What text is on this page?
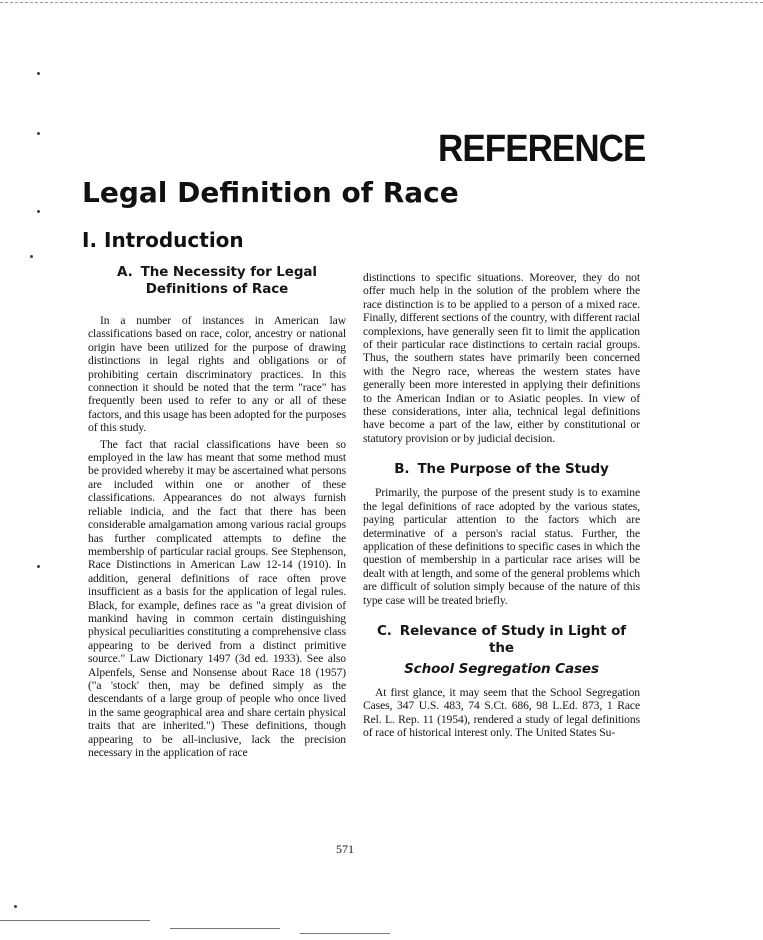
REFERENCE
Legal Definition of Race
I. Introduction
A. The Necessity for Legal Definitions of Race

In a number of instances in American law classifications based on race, color, ancestry or national origin have been utilized for the purpose of drawing distinctions in legal rights and obligations or of prohibiting certain discriminatory practices. In this connection it should be noted that the term "race" has frequently been used to refer to any or all of these factors, and this usage has been adopted for the purposes of this study.

The fact that racial classifications have been so employed in the law has meant that some method must be provided whereby it may be ascertained what persons are included within one or another of these classifications. Appearances do not always furnish reliable indicia, and the fact that there has been considerable amalgamation among various racial groups has further complicated attempts to define the membership of particular racial groups. See Stephenson, Race Distinctions in American Law 12-14 (1910). In addition, general definitions of race often prove insufficient as a basis for the application of legal rules. Black, for example, defines race as "a great division of mankind having in common certain distinguishing physical peculiarities constituting a comprehensive class appearing to be derived from a distinct primitive source." Law Dictionary 1497 (3d ed. 1933). See also Alpenfels, Sense and Nonsense about Race 18 (1957) ("a 'stock' then, may be defined simply as the descendants of a large group of people who once lived in the same geographical area and share certain physical traits that are inherited.") These definitions, though appearing to be all-inclusive, lack the precision necessary in the application of race

distinctions to specific situations. Moreover, they do not offer much help in the solution of the problem where the race distinction is to be applied to a person of a mixed race. Finally, different sections of the country, with different racial complexions, have generally seen fit to limit the application of their particular race distinctions to certain racial groups. Thus, the southern states have primarily been concerned with the Negro race, whereas the western states have generally been more interested in applying their definitions to the American Indian or to Asiatic peoples. In view of these considerations, inter alia, technical legal definitions have become a part of the law, either by constitutional or statutory provision or by judicial decision.

B. The Purpose of the Study

Primarily, the purpose of the present study is to examine the legal definitions of race adopted by the various states, paying particular attention to the factors which are determinative of a person's racial status. Further, the application of these definitions to specific cases in which the question of membership in a particular race arises will be dealt with at length, and some of the general problems which are difficult of solution simply because of the nature of this type case will be treated briefly.

C. Relevance of Study in Light of the
School Segregation Cases

At first glance, it may seem that the School Segregation Cases, 347 U.S. 483, 74 S.Ct. 686, 98 L.Ed. 873, 1 Race Rel. L. Rep. 11 (1954), rendered a study of legal definitions of race of historical interest only. The United States Su-

571
